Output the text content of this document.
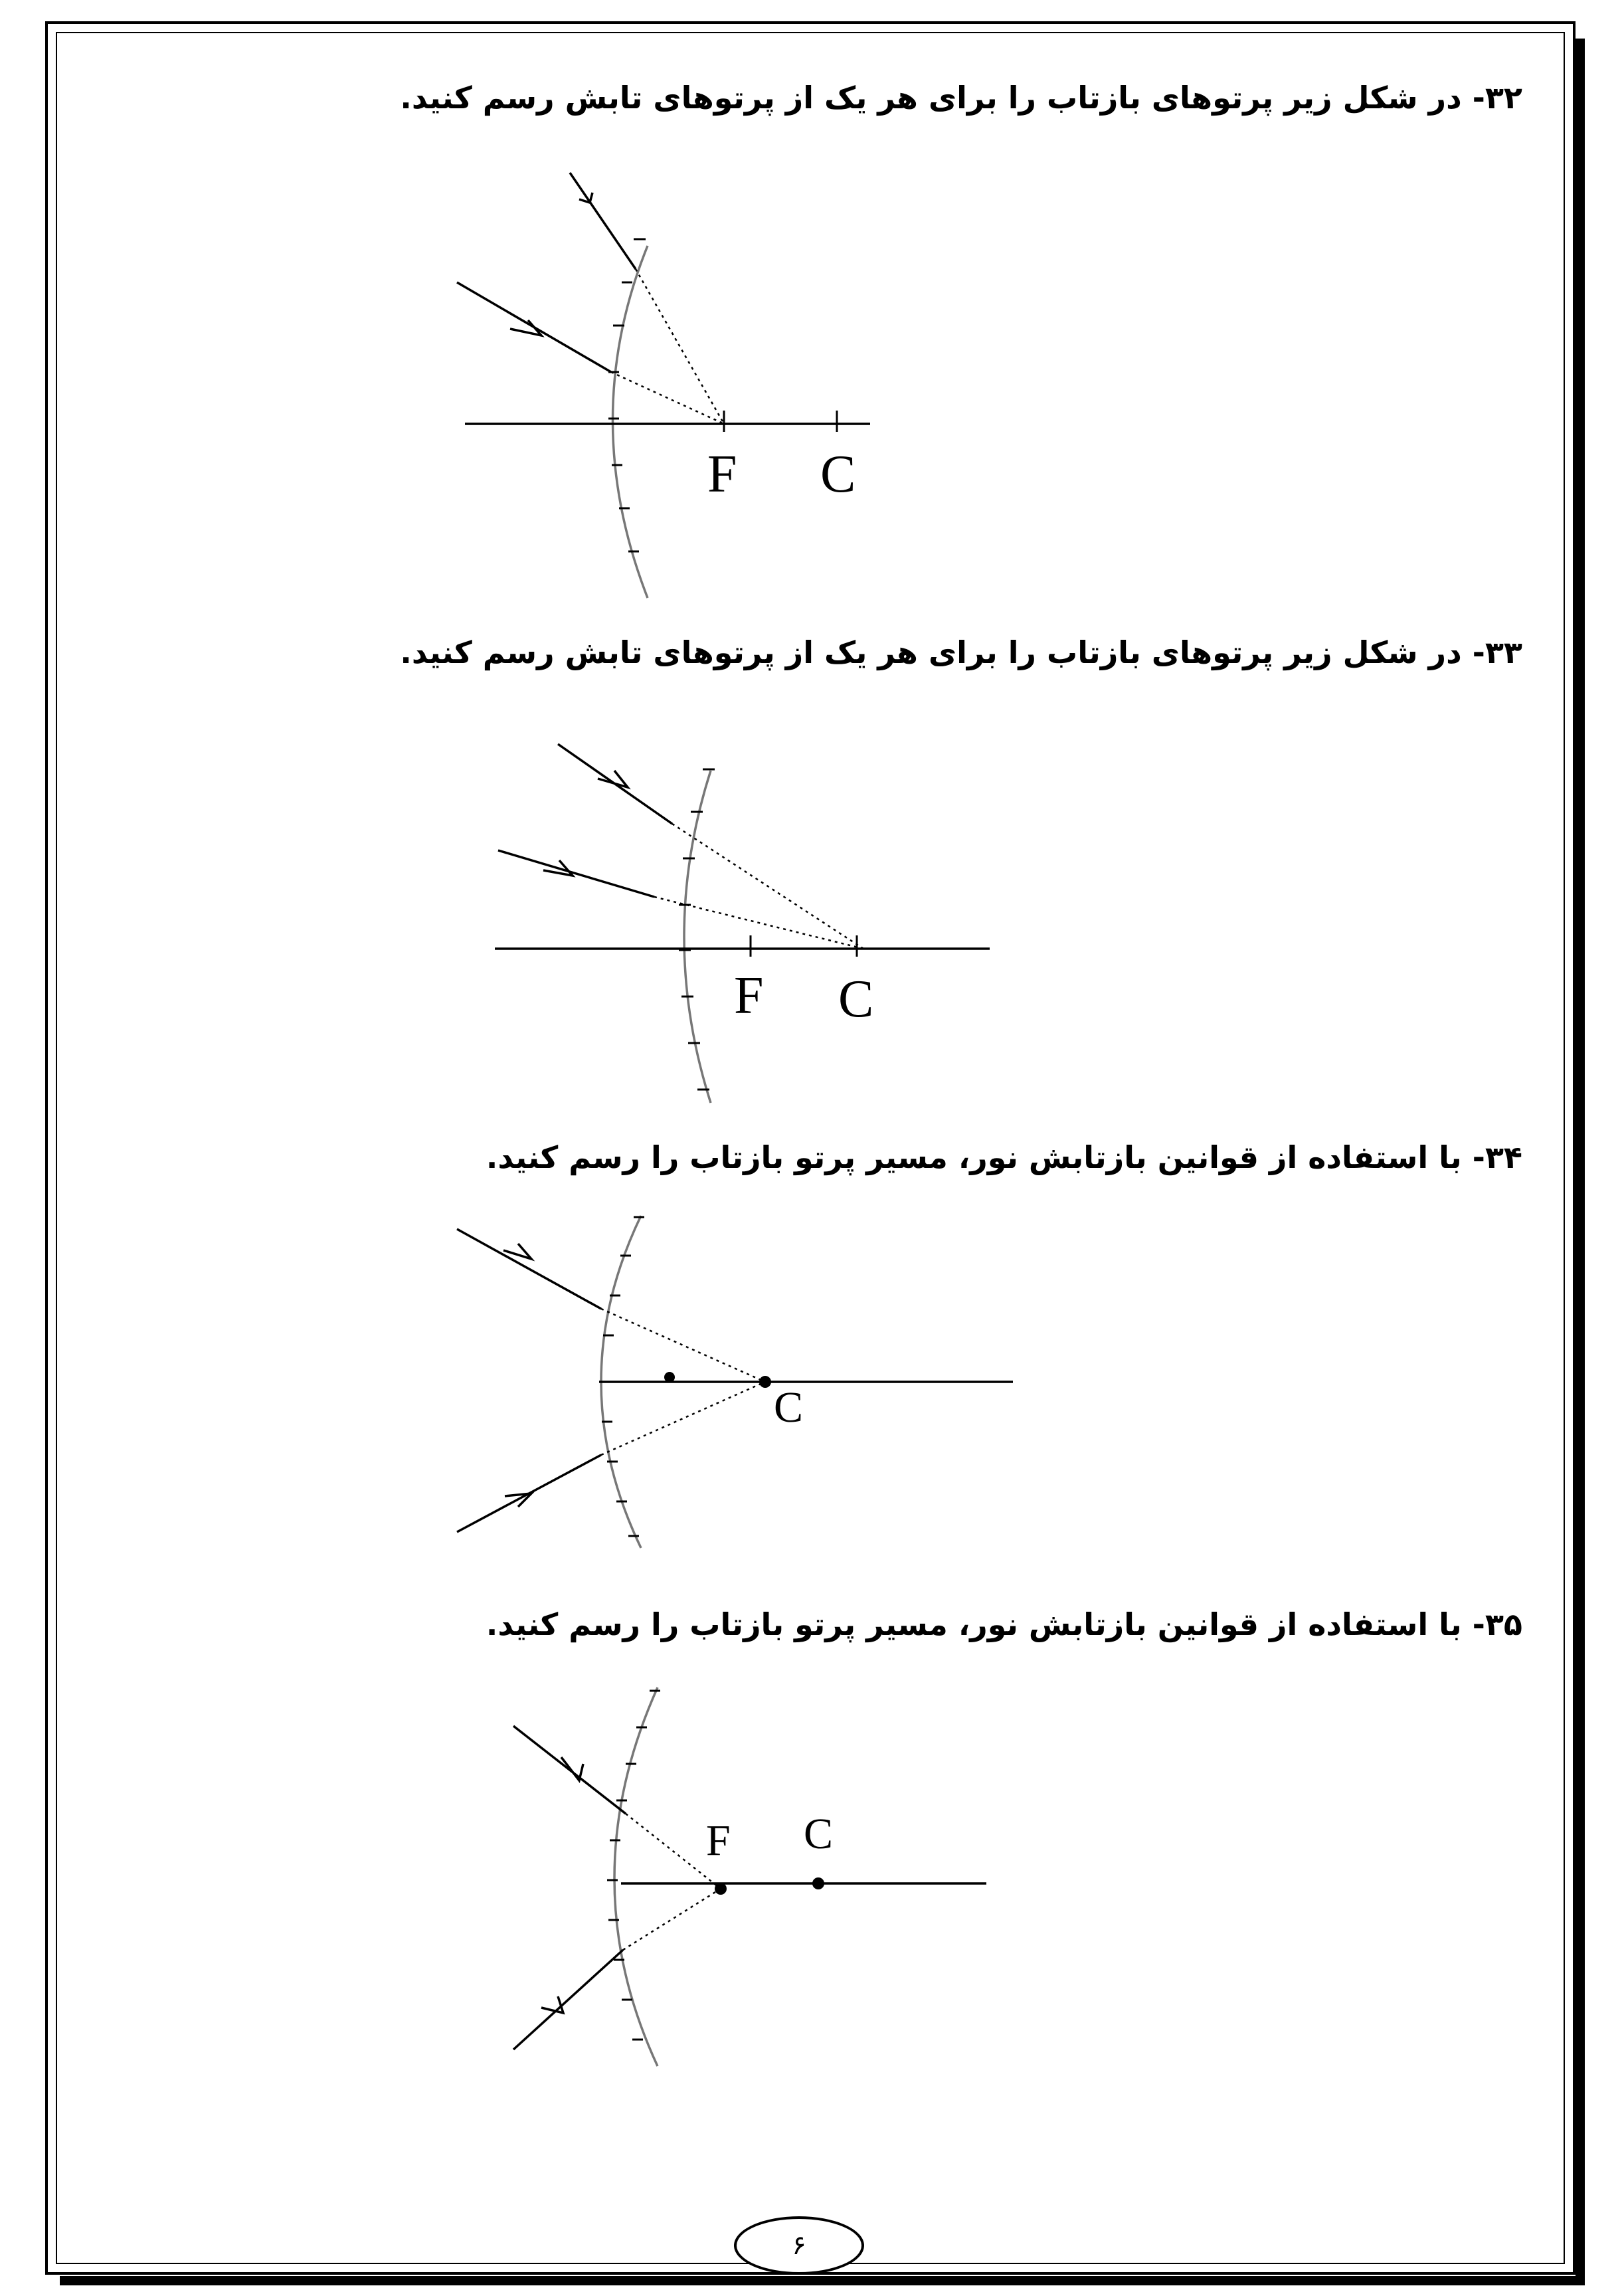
۳۲- در شکل زیر پرتوهای بازتاب را برای هر یک از پرتوهای تابش رسم کنید.
F C
۳۳- در شکل زیر پرتوهای بازتاب را برای هر یک از پرتوهای تابش رسم کنید.
F C
۳۴- با استفاده از قوانین بازتابش نور، مسیر پرتو بازتاب را رسم کنید.
C
۳۵- با استفاده از قوانین بازتابش نور، مسیر پرتو بازتاب را رسم کنید.
F C
۶
